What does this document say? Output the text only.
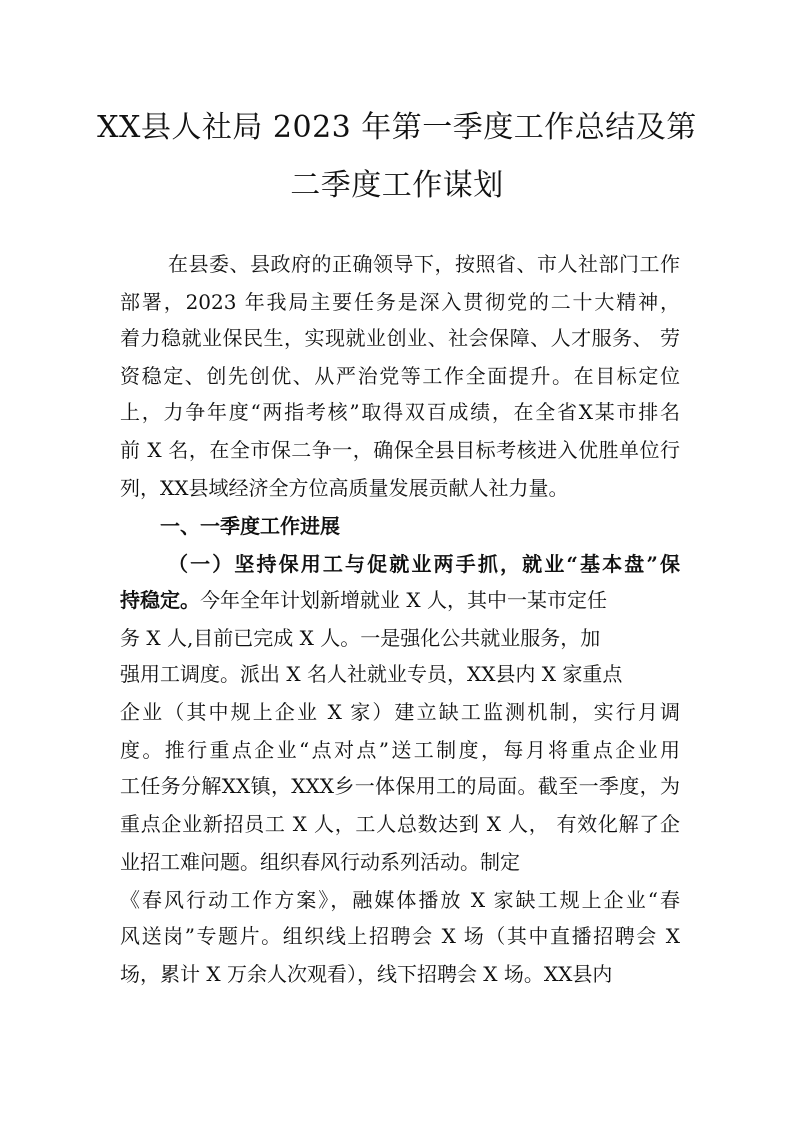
XX县人社局 2023 年第一季度工作总结及第
二季度工作谋划

在县委、县政府的正确领导下，按照省、市人社部门工作

部署，2023 年我局主要任务是深入贯彻党的二十大精神，

着力稳就业保民生，实现就业创业、社会保障、人才服务、 劳

资稳定、创先创优、从严治党等工作全面提升。在目标定位

上，力争年度“两指考核”取得双百成绩，在全省X某市排名

前 X 名，在全市保二争一，确保全县目标考核进入优胜单位行

列，XX县域经济全方位高质量发展贡献人社力量。

一、一季度工作进展

（一）坚持保用工与促就业两手抓，就业“基本盘”保

持稳定。今年全年计划新增就业 X 人，其中一某市定任

务 X 人,目前已完成 X 人。一是强化公共就业服务，加

强用工调度。派出 X 名人社就业专员，XX县内 X 家重点

企业（其中规上企业 X 家）建立缺工监测机制，实行月调

度。推行重点企业“点对点”送工制度，每月将重点企业用

工任务分解XX镇，XXX乡一体保用工的局面。截至一季度，为

重点企业新招员工 X 人，工人总数达到 X 人， 有效化解了企

业招工难问题。组织春风行动系列活动。制定

《春风行动工作方案》，融媒体播放 X 家缺工规上企业“春

风送岗”专题片。组织线上招聘会 X 场（其中直播招聘会 X

场，累计 X 万余人次观看），线下招聘会 X 场。XX县内
